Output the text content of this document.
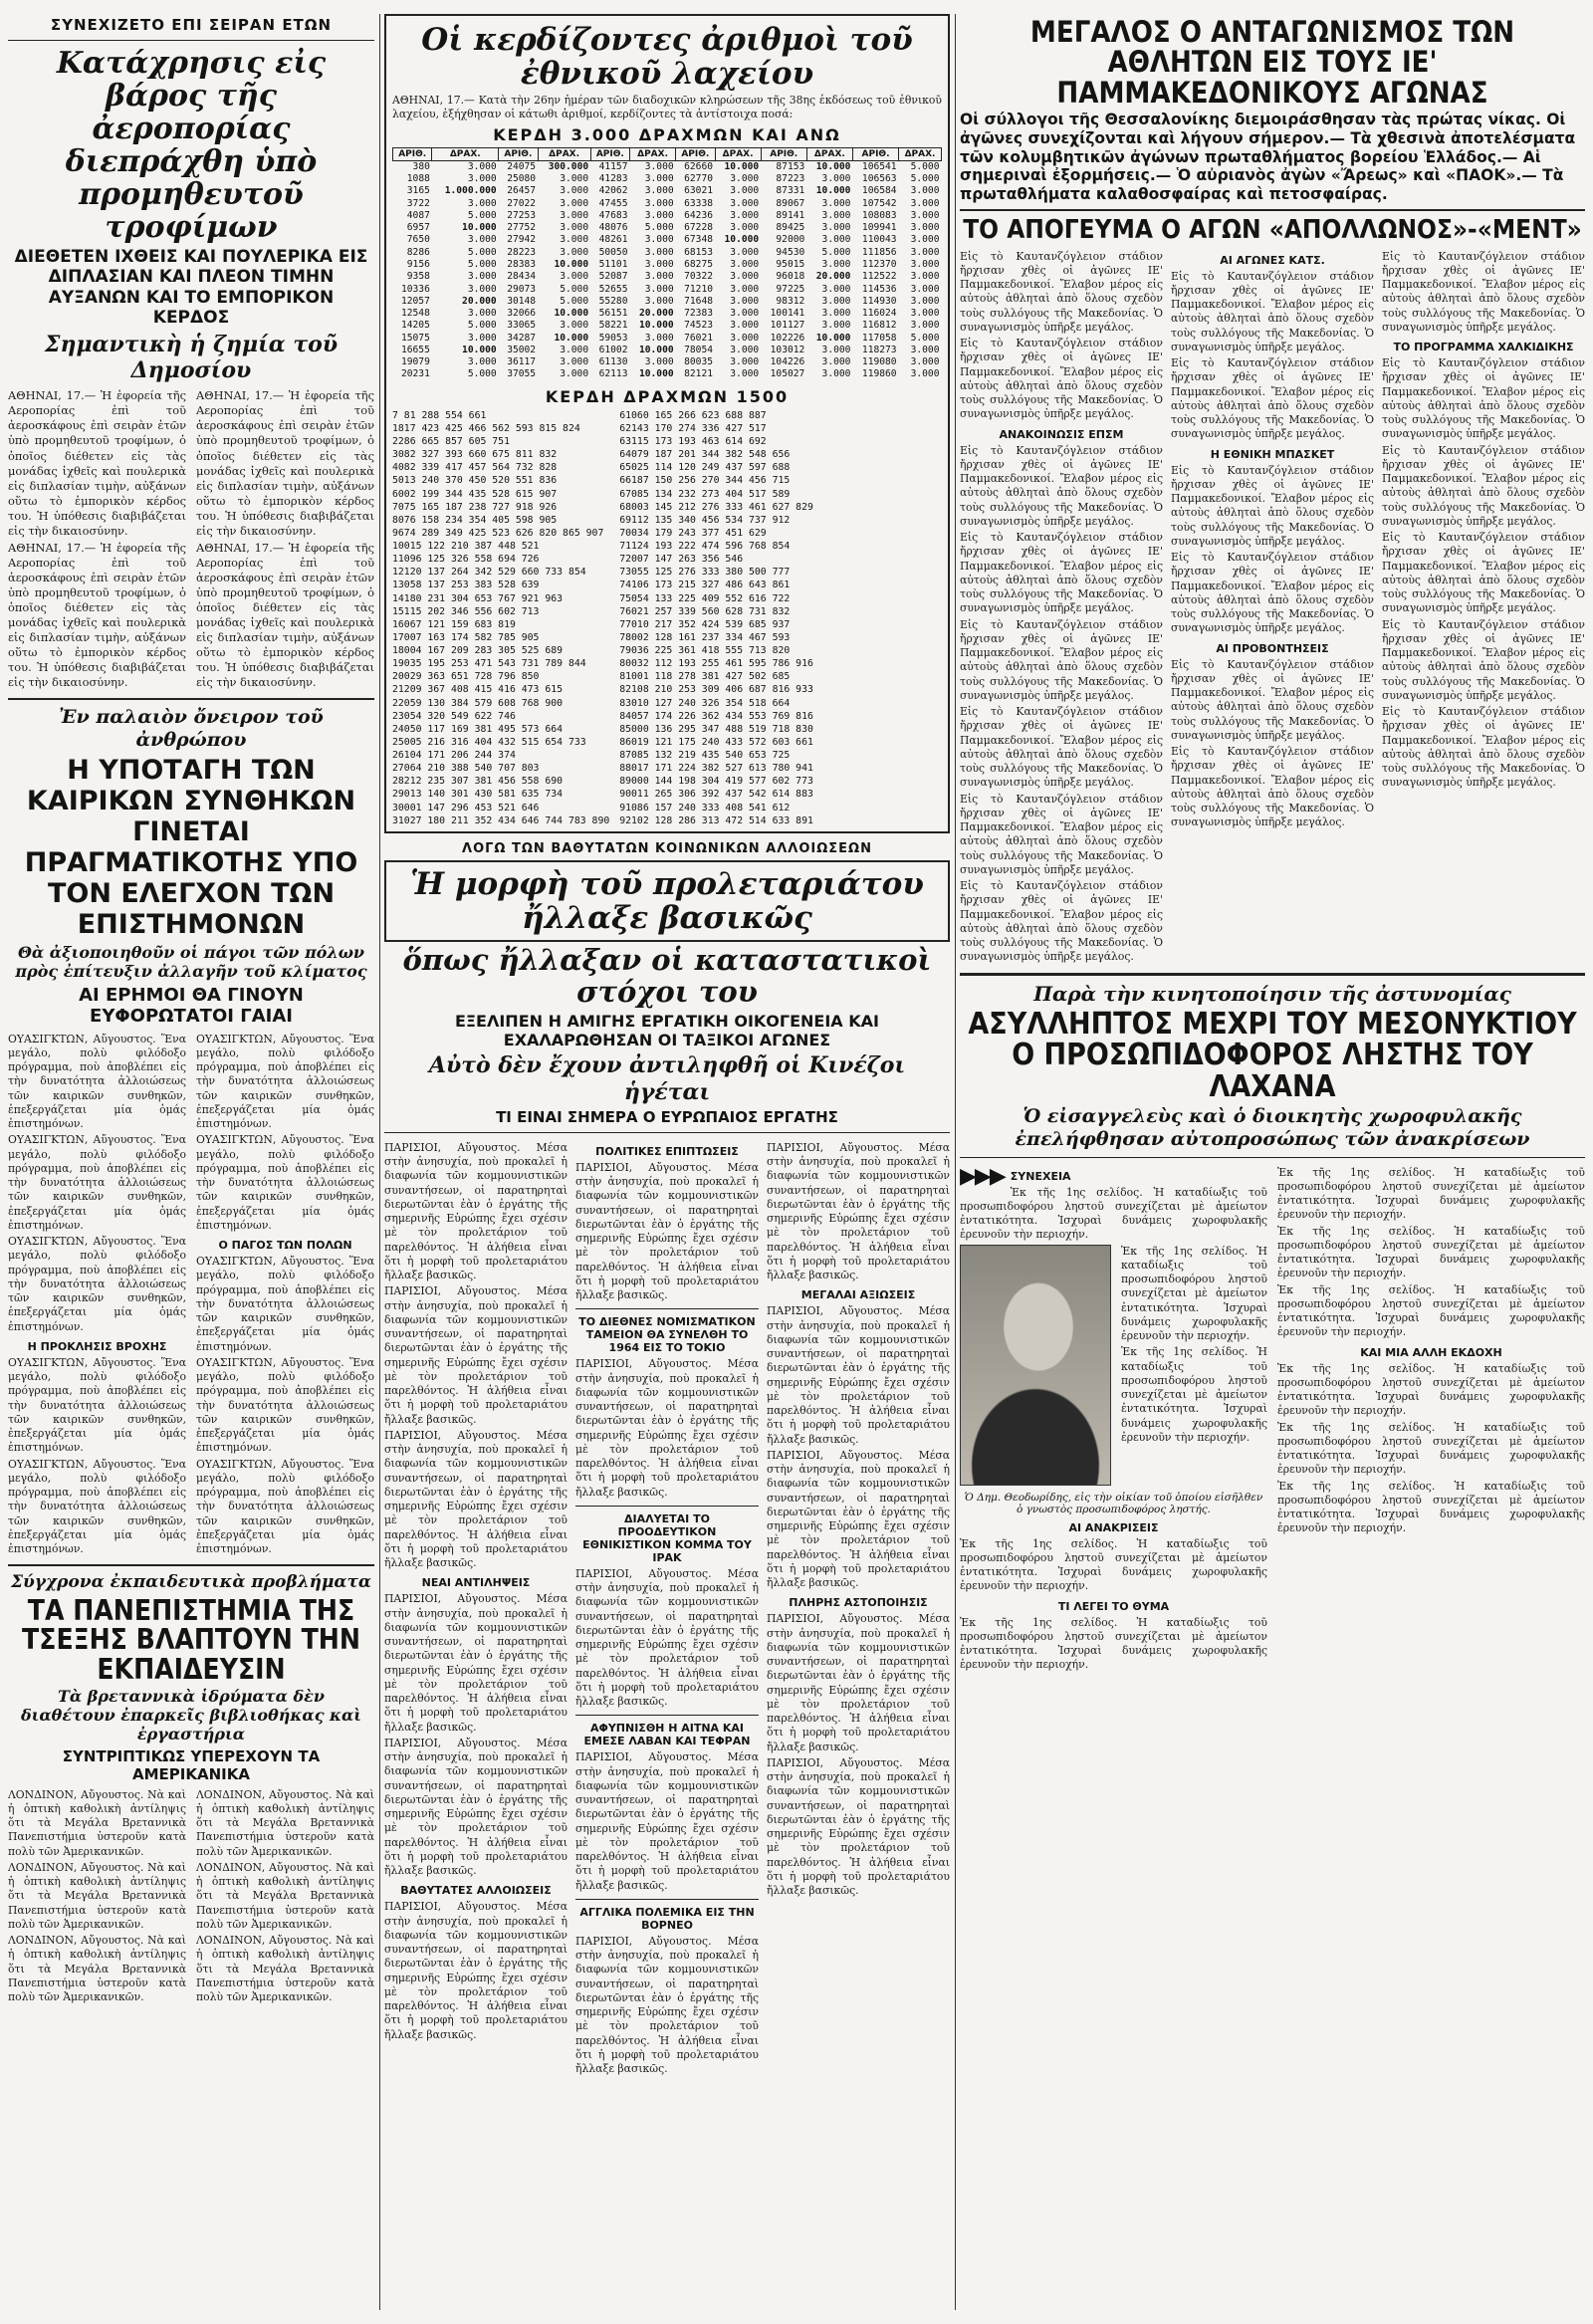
ΣΥΝΕΧΙΖΕΤΟ ΕΠΙ ΣΕΙΡΑΝ ΕΤΩΝ
Κατάχρησις εἰς βάρος τῆς ἀεροπορίας διεπράχθη ὑπὸ προμηθευτοῦ τροφίμων
ΔΙΕΘΕΤΕΝ ΙΧΘΕΙΣ ΚΑΙ ΠΟΥΛΕΡΙΚΑ ΕΙΣ ΔΙΠΛΑΣΙΑΝ ΚΑΙ ΠΛΕΟΝ ΤΙΜΗΝ ΑΥΞΑΝΩΝ ΚΑΙ ΤΟ ΕΜΠΟΡΙΚΟΝ ΚΕΡΔΟΣ
Σημαντικὴ ἡ ζημία τοῦ Δημοσίου

ΑΘΗΝΑΙ, 17.— Ἡ ἐφορεία τῆς Αεροπορίας ἐπὶ τοῦ ἀεροσκάφους ἐπὶ σειρὰν ἐτῶν ὑπὸ προμηθευτοῦ τροφίμων, ὁ ὁποῖος διέθετεν εἰς τὰς μονάδας ἰχθεῖς καὶ πουλερικὰ εἰς διπλασίαν τιμὴν, αὐξάνων οὕτω τὸ ἐμπορικὸν κέρδος του. Ἡ ὑπόθεσις διαβιβάζεται εἰς τὴν δικαιοσύνην.

ΑΘΗΝΑΙ, 17.— Ἡ ἐφορεία τῆς Αεροπορίας ἐπὶ τοῦ ἀεροσκάφους ἐπὶ σειρὰν ἐτῶν ὑπὸ προμηθευτοῦ τροφίμων, ὁ ὁποῖος διέθετεν εἰς τὰς μονάδας ἰχθεῖς καὶ πουλερικὰ εἰς διπλασίαν τιμὴν, αὐξάνων οὕτω τὸ ἐμπορικὸν κέρδος του. Ἡ ὑπόθεσις διαβιβάζεται εἰς τὴν δικαιοσύνην.

ΑΘΗΝΑΙ, 17.— Ἡ ἐφορεία τῆς Αεροπορίας ἐπὶ τοῦ ἀεροσκάφους ἐπὶ σειρὰν ἐτῶν ὑπὸ προμηθευτοῦ τροφίμων, ὁ ὁποῖος διέθετεν εἰς τὰς μονάδας ἰχθεῖς καὶ πουλερικὰ εἰς διπλασίαν τιμὴν, αὐξάνων οὕτω τὸ ἐμπορικὸν κέρδος του. Ἡ ὑπόθεσις διαβιβάζεται εἰς τὴν δικαιοσύνην.

ΑΘΗΝΑΙ, 17.— Ἡ ἐφορεία τῆς Αεροπορίας ἐπὶ τοῦ ἀεροσκάφους ἐπὶ σειρὰν ἐτῶν ὑπὸ προμηθευτοῦ τροφίμων, ὁ ὁποῖος διέθετεν εἰς τὰς μονάδας ἰχθεῖς καὶ πουλερικὰ εἰς διπλασίαν τιμὴν, αὐξάνων οὕτω τὸ ἐμπορικὸν κέρδος του. Ἡ ὑπόθεσις διαβιβάζεται εἰς τὴν δικαιοσύνην.

Ἐν παλαιὸν ὄνειρον τοῦ ἀνθρώπου
Η ΥΠΟΤΑΓΗ ΤΩΝ ΚΑΙΡΙΚΩΝ ΣΥΝΘΗΚΩΝ ΓΙΝΕΤΑΙ ΠΡΑΓΜΑΤΙΚΟΤΗΣ ΥΠΟ ΤΟΝ ΕΛΕΓΧΟΝ ΤΩΝ ΕΠΙΣΤΗΜΟΝΩΝ
Θὰ ἀξιοποιηθοῦν οἱ πάγοι τῶν πόλων πρὸς ἐπίτευξιν ἀλλαγῆν τοῦ κλίματος
ΑΙ ΕΡΗΜΟΙ ΘΑ ΓΙΝΟΥΝ ΕΥΦΟΡΩΤΑΤΟΙ ΓΑΙΑΙ

ΟΥΑΣΙΓΚΤΩΝ, Αὔγουστος. Ἕνα μεγάλο, πολὺ φιλόδοξο πρόγραμμα, ποὺ ἀποβλέπει εἰς τὴν δυνατότητα ἀλλοιώσεως τῶν καιρικῶν συνθηκῶν, ἐπεξεργάζεται μία ὁμάς ἐπιστημόνων.

ΟΥΑΣΙΓΚΤΩΝ, Αὔγουστος. Ἕνα μεγάλο, πολὺ φιλόδοξο πρόγραμμα, ποὺ ἀποβλέπει εἰς τὴν δυνατότητα ἀλλοιώσεως τῶν καιρικῶν συνθηκῶν, ἐπεξεργάζεται μία ὁμάς ἐπιστημόνων.

ΟΥΑΣΙΓΚΤΩΝ, Αὔγουστος. Ἕνα μεγάλο, πολὺ φιλόδοξο πρόγραμμα, ποὺ ἀποβλέπει εἰς τὴν δυνατότητα ἀλλοιώσεως τῶν καιρικῶν συνθηκῶν, ἐπεξεργάζεται μία ὁμάς ἐπιστημόνων.

Η ΠΡΟΚΛΗΣΙΣ ΒΡΟΧΗΣ

ΟΥΑΣΙΓΚΤΩΝ, Αὔγουστος. Ἕνα μεγάλο, πολὺ φιλόδοξο πρόγραμμα, ποὺ ἀποβλέπει εἰς τὴν δυνατότητα ἀλλοιώσεως τῶν καιρικῶν συνθηκῶν, ἐπεξεργάζεται μία ὁμάς ἐπιστημόνων.

ΟΥΑΣΙΓΚΤΩΝ, Αὔγουστος. Ἕνα μεγάλο, πολὺ φιλόδοξο πρόγραμμα, ποὺ ἀποβλέπει εἰς τὴν δυνατότητα ἀλλοιώσεως τῶν καιρικῶν συνθηκῶν, ἐπεξεργάζεται μία ὁμάς ἐπιστημόνων.

ΟΥΑΣΙΓΚΤΩΝ, Αὔγουστος. Ἕνα μεγάλο, πολὺ φιλόδοξο πρόγραμμα, ποὺ ἀποβλέπει εἰς τὴν δυνατότητα ἀλλοιώσεως τῶν καιρικῶν συνθηκῶν, ἐπεξεργάζεται μία ὁμάς ἐπιστημόνων.

ΟΥΑΣΙΓΚΤΩΝ, Αὔγουστος. Ἕνα μεγάλο, πολὺ φιλόδοξο πρόγραμμα, ποὺ ἀποβλέπει εἰς τὴν δυνατότητα ἀλλοιώσεως τῶν καιρικῶν συνθηκῶν, ἐπεξεργάζεται μία ὁμάς ἐπιστημόνων.

Ο ΠΑΓΟΣ ΤΩΝ ΠΟΛΩΝ

ΟΥΑΣΙΓΚΤΩΝ, Αὔγουστος. Ἕνα μεγάλο, πολὺ φιλόδοξο πρόγραμμα, ποὺ ἀποβλέπει εἰς τὴν δυνατότητα ἀλλοιώσεως τῶν καιρικῶν συνθηκῶν, ἐπεξεργάζεται μία ὁμάς ἐπιστημόνων.

ΟΥΑΣΙΓΚΤΩΝ, Αὔγουστος. Ἕνα μεγάλο, πολὺ φιλόδοξο πρόγραμμα, ποὺ ἀποβλέπει εἰς τὴν δυνατότητα ἀλλοιώσεως τῶν καιρικῶν συνθηκῶν, ἐπεξεργάζεται μία ὁμάς ἐπιστημόνων.

ΟΥΑΣΙΓΚΤΩΝ, Αὔγουστος. Ἕνα μεγάλο, πολὺ φιλόδοξο πρόγραμμα, ποὺ ἀποβλέπει εἰς τὴν δυνατότητα ἀλλοιώσεως τῶν καιρικῶν συνθηκῶν, ἐπεξεργάζεται μία ὁμάς ἐπιστημόνων.

Σύγχρονα ἐκπαιδευτικὰ προβλήματα
ΤΑ ΠΑΝΕΠΙΣΤΗΜΙΑ ΤΗΣ ΤΣΕΞΗΣ ΒΛΑΠΤΟΥΝ ΤΗΝ ΕΚΠΑΙΔΕΥΣΙΝ
Τὰ βρεταννικὰ ἱδρύματα δὲν διαθέτουν ἐπαρκεῖς βιβλιοθήκας καὶ ἐργαστήρια
ΣΥΝΤΡΙΠΤΙΚΩΣ ΥΠΕΡΕΧΟΥΝ ΤΑ ΑΜΕΡΙΚΑΝΙΚΑ

ΛΟΝΔΙΝΟΝ, Αὔγουστος. Νὰ καὶ ἡ ὁπτικὴ καθολικὴ ἀντίληψις ὅτι τὰ Μεγάλα Βρεταννικὰ Πανεπιστήμια ὑστεροῦν κατὰ πολὺ τῶν Ἀμερικανικῶν.

ΛΟΝΔΙΝΟΝ, Αὔγουστος. Νὰ καὶ ἡ ὁπτικὴ καθολικὴ ἀντίληψις ὅτι τὰ Μεγάλα Βρεταννικὰ Πανεπιστήμια ὑστεροῦν κατὰ πολὺ τῶν Ἀμερικανικῶν.

ΛΟΝΔΙΝΟΝ, Αὔγουστος. Νὰ καὶ ἡ ὁπτικὴ καθολικὴ ἀντίληψις ὅτι τὰ Μεγάλα Βρεταννικὰ Πανεπιστήμια ὑστεροῦν κατὰ πολὺ τῶν Ἀμερικανικῶν.

ΛΟΝΔΙΝΟΝ, Αὔγουστος. Νὰ καὶ ἡ ὁπτικὴ καθολικὴ ἀντίληψις ὅτι τὰ Μεγάλα Βρεταννικὰ Πανεπιστήμια ὑστεροῦν κατὰ πολὺ τῶν Ἀμερικανικῶν.

ΛΟΝΔΙΝΟΝ, Αὔγουστος. Νὰ καὶ ἡ ὁπτικὴ καθολικὴ ἀντίληψις ὅτι τὰ Μεγάλα Βρεταννικὰ Πανεπιστήμια ὑστεροῦν κατὰ πολὺ τῶν Ἀμερικανικῶν.

ΛΟΝΔΙΝΟΝ, Αὔγουστος. Νὰ καὶ ἡ ὁπτικὴ καθολικὴ ἀντίληψις ὅτι τὰ Μεγάλα Βρεταννικὰ Πανεπιστήμια ὑστεροῦν κατὰ πολὺ τῶν Ἀμερικανικῶν.

Οἱ κερδίζοντες ἀριθμοὶ τοῦ ἐθνικοῦ λαχείου

ΑΘΗΝΑΙ, 17.— Κατὰ τὴν 26ην ἡμέραν τῶν διαδοχικῶν κληρώσεων τῆς 38ης ἐκδόσεως τοῦ ἐθνικοῦ λαχείου, ἐξήχθησαν οἱ κάτωθι ἀριθμοί, κερδίζοντες τὰ ἀντίστοιχα ποσά:

ΚΕΡΔΗ 3.000 ΔΡΑΧΜΩΝ ΚΑΙ ΑΝΩ
ΑΡΙΘ.	ΔΡΑΧ.	ΑΡΙΘ.	ΔΡΑΧ.	ΑΡΙΘ.	ΔΡΑΧ.	ΑΡΙΘ.	ΔΡΑΧ.	ΑΡΙΘ.	ΔΡΑΧ.	ΑΡΙΘ.	ΔΡΑΧ.
380	3.000	24075	300.000	41157	3.000	62660	10.000	87153	10.000	106541	5.000
1088	3.000	25080	3.000	41283	3.000	62770	3.000	87223	3.000	106563	5.000
3165	1.000.000	26457	3.000	42062	3.000	63021	3.000	87331	10.000	106584	3.000
3722	3.000	27022	3.000	47455	3.000	63338	3.000	89067	3.000	107542	3.000
4087	5.000	27253	3.000	47683	3.000	64236	3.000	89141	3.000	108083	3.000
6957	10.000	27752	3.000	48076	5.000	67228	3.000	89425	3.000	109941	3.000
7650	3.000	27942	3.000	48261	3.000	67348	10.000	92000	3.000	110043	3.000
8286	5.000	28223	3.000	50050	3.000	68153	3.000	94530	5.000	111856	3.000
9156	5.000	28383	10.000	51101	3.000	68275	3.000	95015	3.000	112370	3.000
9358	3.000	28434	3.000	52087	3.000	70322	3.000	96018	20.000	112522	3.000
10336	3.000	29073	5.000	52655	3.000	71210	3.000	97225	3.000	114536	3.000
12057	20.000	30148	5.000	55280	3.000	71648	3.000	98312	3.000	114930	3.000
12548	3.000	32066	10.000	56151	20.000	72383	3.000	100141	3.000	116024	3.000
14205	5.000	33065	3.000	58221	10.000	74523	3.000	101127	3.000	116812	3.000
15075	3.000	34287	10.000	59053	3.000	76021	3.000	102226	10.000	117058	5.000
16655	10.000	35002	3.000	61002	10.000	78054	3.000	103012	3.000	118273	3.000
19079	3.000	36117	3.000	61130	3.000	80035	3.000	104226	3.000	119080	3.000
20231	5.000	37055	3.000	62113	10.000	82121	3.000	105027	3.000	119860	3.000
ΚΕΡΔΗ ΔΡΑΧΜΩΝ 1500
7 81 288 554 661
1817 423 425 466 562 593 815 824
2286 665 857 605 751
3082 327 393 660 675 811 832
4082 339 417 457 564 732 828
5013 240 370 450 520 551 836
6002 199 344 435 528 615 907
7075 165 187 238 727 918 926
8076 158 234 354 405 598 905
9674 289 349 425 523 626 820 865 907
10015 122 210 387 448 521
11096 125 326 558 694 726
12120 137 264 342 529 660 733 854
13058 137 253 383 528 639
14180 231 304 653 767 921 963
15115 202 346 556 602 713
16067 121 159 683 819
17007 163 174 582 785 905
18004 167 209 283 305 525 689
19035 195 253 471 543 731 789 844
20029 363 651 728 796 850
21209 367 408 415 416 473 615
22059 130 384 579 608 768 900
23054 320 549 622 746
24050 117 169 381 495 573 664
25005 216 316 404 432 515 654 733
26104 171 206 244 374
27064 210 388 540 707 803
28212 235 307 381 456 558 690
29013 140 301 430 581 635 734
30001 147 296 453 521 646
31027 180 211 352 434 646 744 783 890
61060 165 266 623 688 887
62143 170 274 336 427 517
63115 173 193 463 614 692
64079 187 201 344 382 548 656
65025 114 120 249 437 597 688
66187 150 256 270 344 456 715
67085 134 232 273 404 517 589
68003 145 212 276 333 461 627 829
69112 135 340 456 534 737 912
70034 179 243 377 451 629
71124 193 222 474 596 768 854
72007 147 263 356 546
73055 125 276 333 380 500 777
74106 173 215 327 486 643 861
75054 133 225 409 552 616 722
76021 257 339 560 628 731 832
77010 217 352 424 539 685 937
78002 128 161 237 334 467 593
79036 225 361 418 555 713 820
80032 112 193 255 461 595 786 916
81001 118 278 381 427 502 685
82108 210 253 309 406 687 816 933
83010 127 240 326 354 518 664
84057 174 226 362 434 553 769 816
85000 136 295 347 488 519 718 830
86019 121 175 240 433 572 603 661
87085 132 219 435 540 653 725
88017 171 224 382 527 613 780 941
89000 144 198 304 419 577 602 773
90011 265 306 392 437 542 614 883
91086 157 240 333 408 541 612
92102 128 286 313 472 514 633 891
ΛΟΓΩ ΤΩΝ ΒΑΘΥΤΑΤΩΝ ΚΟΙΝΩΝΙΚΩΝ ΑΛΛΟΙΩΣΕΩΝ
Ἡ μορφὴ τοῦ προλεταριάτου ἤλλαξε βασικῶς
ὅπως ἤλλαξαν οἱ καταστατικοὶ στόχοι του
ΕΞΕΛΙΠΕΝ Η ΑΜΙΓΗΣ ΕΡΓΑΤΙΚΗ ΟΙΚΟΓΕΝΕΙΑ ΚΑΙ ΕΧΑΛΑΡΩΘΗΣΑΝ ΟΙ ΤΑΞΙΚΟΙ ΑΓΩΝΕΣ
Αὐτὸ δὲν ἔχουν ἀντιληφθῆ οἱ Κινέζοι ἡγέται
ΤΙ ΕΙΝΑΙ ΣΗΜΕΡΑ Ο ΕΥΡΩΠΑΙΟΣ ΕΡΓΑΤΗΣ

ΠΑΡΙΣΙΟΙ, Αὔγουστος. Μέσα στὴν ἀνησυχία, ποὺ προκαλεῖ ἡ διαφωνία τῶν κομμουνιστικῶν συναντήσεων, οἱ παρατηρηταὶ διερωτῶνται ἐὰν ὁ ἐργάτης τῆς σημερινῆς Εὐρώπης ἔχει σχέσιν μὲ τὸν προλετάριον τοῦ παρελθόντος. Ἡ ἀλήθεια εἶναι ὅτι ἡ μορφὴ τοῦ προλεταριάτου ἤλλαξε βασικῶς.

ΠΑΡΙΣΙΟΙ, Αὔγουστος. Μέσα στὴν ἀνησυχία, ποὺ προκαλεῖ ἡ διαφωνία τῶν κομμουνιστικῶν συναντήσεων, οἱ παρατηρηταὶ διερωτῶνται ἐὰν ὁ ἐργάτης τῆς σημερινῆς Εὐρώπης ἔχει σχέσιν μὲ τὸν προλετάριον τοῦ παρελθόντος. Ἡ ἀλήθεια εἶναι ὅτι ἡ μορφὴ τοῦ προλεταριάτου ἤλλαξε βασικῶς.

ΠΑΡΙΣΙΟΙ, Αὔγουστος. Μέσα στὴν ἀνησυχία, ποὺ προκαλεῖ ἡ διαφωνία τῶν κομμουνιστικῶν συναντήσεων, οἱ παρατηρηταὶ διερωτῶνται ἐὰν ὁ ἐργάτης τῆς σημερινῆς Εὐρώπης ἔχει σχέσιν μὲ τὸν προλετάριον τοῦ παρελθόντος. Ἡ ἀλήθεια εἶναι ὅτι ἡ μορφὴ τοῦ προλεταριάτου ἤλλαξε βασικῶς.

ΝΕΑΙ ΑΝΤΙΛΗΨΕΙΣ

ΠΑΡΙΣΙΟΙ, Αὔγουστος. Μέσα στὴν ἀνησυχία, ποὺ προκαλεῖ ἡ διαφωνία τῶν κομμουνιστικῶν συναντήσεων, οἱ παρατηρηταὶ διερωτῶνται ἐὰν ὁ ἐργάτης τῆς σημερινῆς Εὐρώπης ἔχει σχέσιν μὲ τὸν προλετάριον τοῦ παρελθόντος. Ἡ ἀλήθεια εἶναι ὅτι ἡ μορφὴ τοῦ προλεταριάτου ἤλλαξε βασικῶς.

ΠΑΡΙΣΙΟΙ, Αὔγουστος. Μέσα στὴν ἀνησυχία, ποὺ προκαλεῖ ἡ διαφωνία τῶν κομμουνιστικῶν συναντήσεων, οἱ παρατηρηταὶ διερωτῶνται ἐὰν ὁ ἐργάτης τῆς σημερινῆς Εὐρώπης ἔχει σχέσιν μὲ τὸν προλετάριον τοῦ παρελθόντος. Ἡ ἀλήθεια εἶναι ὅτι ἡ μορφὴ τοῦ προλεταριάτου ἤλλαξε βασικῶς.

ΒΑΘΥΤΑΤΕΣ ΑΛΛΟΙΩΣΕΙΣ

ΠΑΡΙΣΙΟΙ, Αὔγουστος. Μέσα στὴν ἀνησυχία, ποὺ προκαλεῖ ἡ διαφωνία τῶν κομμουνιστικῶν συναντήσεων, οἱ παρατηρηταὶ διερωτῶνται ἐὰν ὁ ἐργάτης τῆς σημερινῆς Εὐρώπης ἔχει σχέσιν μὲ τὸν προλετάριον τοῦ παρελθόντος. Ἡ ἀλήθεια εἶναι ὅτι ἡ μορφὴ τοῦ προλεταριάτου ἤλλαξε βασικῶς.

ΠΟΛΙΤΙΚΕΣ ΕΠΙΠΤΩΣΕΙΣ

ΠΑΡΙΣΙΟΙ, Αὔγουστος. Μέσα στὴν ἀνησυχία, ποὺ προκαλεῖ ἡ διαφωνία τῶν κομμουνιστικῶν συναντήσεων, οἱ παρατηρηταὶ διερωτῶνται ἐὰν ὁ ἐργάτης τῆς σημερινῆς Εὐρώπης ἔχει σχέσιν μὲ τὸν προλετάριον τοῦ παρελθόντος. Ἡ ἀλήθεια εἶναι ὅτι ἡ μορφὴ τοῦ προλεταριάτου ἤλλαξε βασικῶς.

ΤΟ ΔΙΕΘΝΕΣ ΝΟΜΙΣΜΑΤΙΚΟΝ ΤΑΜΕΙΟΝ ΘΑ ΣΥΝΕΛΘΗ ΤΟ 1964 ΕΙΣ ΤΟ ΤΟΚΙΟ

ΠΑΡΙΣΙΟΙ, Αὔγουστος. Μέσα στὴν ἀνησυχία, ποὺ προκαλεῖ ἡ διαφωνία τῶν κομμουνιστικῶν συναντήσεων, οἱ παρατηρηταὶ διερωτῶνται ἐὰν ὁ ἐργάτης τῆς σημερινῆς Εὐρώπης ἔχει σχέσιν μὲ τὸν προλετάριον τοῦ παρελθόντος. Ἡ ἀλήθεια εἶναι ὅτι ἡ μορφὴ τοῦ προλεταριάτου ἤλλαξε βασικῶς.

ΔΙΑΛΥΕΤΑΙ ΤΟ ΠΡΟΟΔΕΥΤΙΚΟΝ ΕΘΝΙΚΙΣΤΙΚΟΝ ΚΟΜΜΑ ΤΟΥ ΙΡΑΚ

ΠΑΡΙΣΙΟΙ, Αὔγουστος. Μέσα στὴν ἀνησυχία, ποὺ προκαλεῖ ἡ διαφωνία τῶν κομμουνιστικῶν συναντήσεων, οἱ παρατηρηταὶ διερωτῶνται ἐὰν ὁ ἐργάτης τῆς σημερινῆς Εὐρώπης ἔχει σχέσιν μὲ τὸν προλετάριον τοῦ παρελθόντος. Ἡ ἀλήθεια εἶναι ὅτι ἡ μορφὴ τοῦ προλεταριάτου ἤλλαξε βασικῶς.

ΑΦΥΠΝΙΣΘΗ Η ΑΙΤΝΑ ΚΑΙ ΕΜΕΣΕ ΛΑΒΑΝ ΚΑΙ ΤΕΦΡΑΝ

ΠΑΡΙΣΙΟΙ, Αὔγουστος. Μέσα στὴν ἀνησυχία, ποὺ προκαλεῖ ἡ διαφωνία τῶν κομμουνιστικῶν συναντήσεων, οἱ παρατηρηταὶ διερωτῶνται ἐὰν ὁ ἐργάτης τῆς σημερινῆς Εὐρώπης ἔχει σχέσιν μὲ τὸν προλετάριον τοῦ παρελθόντος. Ἡ ἀλήθεια εἶναι ὅτι ἡ μορφὴ τοῦ προλεταριάτου ἤλλαξε βασικῶς.

ΑΓΓΛΙΚΑ ΠΟΛΕΜΙΚΑ ΕΙΣ ΤΗΝ ΒΟΡΝΕΟ

ΠΑΡΙΣΙΟΙ, Αὔγουστος. Μέσα στὴν ἀνησυχία, ποὺ προκαλεῖ ἡ διαφωνία τῶν κομμουνιστικῶν συναντήσεων, οἱ παρατηρηταὶ διερωτῶνται ἐὰν ὁ ἐργάτης τῆς σημερινῆς Εὐρώπης ἔχει σχέσιν μὲ τὸν προλετάριον τοῦ παρελθόντος. Ἡ ἀλήθεια εἶναι ὅτι ἡ μορφὴ τοῦ προλεταριάτου ἤλλαξε βασικῶς.

ΠΑΡΙΣΙΟΙ, Αὔγουστος. Μέσα στὴν ἀνησυχία, ποὺ προκαλεῖ ἡ διαφωνία τῶν κομμουνιστικῶν συναντήσεων, οἱ παρατηρηταὶ διερωτῶνται ἐὰν ὁ ἐργάτης τῆς σημερινῆς Εὐρώπης ἔχει σχέσιν μὲ τὸν προλετάριον τοῦ παρελθόντος. Ἡ ἀλήθεια εἶναι ὅτι ἡ μορφὴ τοῦ προλεταριάτου ἤλλαξε βασικῶς.

ΜΕΓΑΛΑΙ ΑΞΙΩΣΕΙΣ

ΠΑΡΙΣΙΟΙ, Αὔγουστος. Μέσα στὴν ἀνησυχία, ποὺ προκαλεῖ ἡ διαφωνία τῶν κομμουνιστικῶν συναντήσεων, οἱ παρατηρηταὶ διερωτῶνται ἐὰν ὁ ἐργάτης τῆς σημερινῆς Εὐρώπης ἔχει σχέσιν μὲ τὸν προλετάριον τοῦ παρελθόντος. Ἡ ἀλήθεια εἶναι ὅτι ἡ μορφὴ τοῦ προλεταριάτου ἤλλαξε βασικῶς.

ΠΑΡΙΣΙΟΙ, Αὔγουστος. Μέσα στὴν ἀνησυχία, ποὺ προκαλεῖ ἡ διαφωνία τῶν κομμουνιστικῶν συναντήσεων, οἱ παρατηρηταὶ διερωτῶνται ἐὰν ὁ ἐργάτης τῆς σημερινῆς Εὐρώπης ἔχει σχέσιν μὲ τὸν προλετάριον τοῦ παρελθόντος. Ἡ ἀλήθεια εἶναι ὅτι ἡ μορφὴ τοῦ προλεταριάτου ἤλλαξε βασικῶς.

ΠΛΗΡΗΣ ΑΣΤΟΠΟΙΗΣΙΣ

ΠΑΡΙΣΙΟΙ, Αὔγουστος. Μέσα στὴν ἀνησυχία, ποὺ προκαλεῖ ἡ διαφωνία τῶν κομμουνιστικῶν συναντήσεων, οἱ παρατηρηταὶ διερωτῶνται ἐὰν ὁ ἐργάτης τῆς σημερινῆς Εὐρώπης ἔχει σχέσιν μὲ τὸν προλετάριον τοῦ παρελθόντος. Ἡ ἀλήθεια εἶναι ὅτι ἡ μορφὴ τοῦ προλεταριάτου ἤλλαξε βασικῶς.

ΠΑΡΙΣΙΟΙ, Αὔγουστος. Μέσα στὴν ἀνησυχία, ποὺ προκαλεῖ ἡ διαφωνία τῶν κομμουνιστικῶν συναντήσεων, οἱ παρατηρηταὶ διερωτῶνται ἐὰν ὁ ἐργάτης τῆς σημερινῆς Εὐρώπης ἔχει σχέσιν μὲ τὸν προλετάριον τοῦ παρελθόντος. Ἡ ἀλήθεια εἶναι ὅτι ἡ μορφὴ τοῦ προλεταριάτου ἤλλαξε βασικῶς.

ΜΕΓΑΛΟΣ Ο ΑΝΤΑΓΩΝΙΣΜΟΣ ΤΩΝ ΑΘΛΗΤΩΝ ΕΙΣ ΤΟΥΣ ΙΕ' ΠΑΜΜΑΚΕΔΟΝΙΚΟΥΣ ΑΓΩΝΑΣ
Οἱ σύλλογοι τῆς Θεσσαλονίκης διεμοιράσθησαν τὰς πρώτας νίκας. Οἱ ἀγῶνες συνεχίζονται καὶ λήγουν σήμερον.— Τὰ χθεσινὰ ἀποτελέσματα τῶν κολυμβητικῶν ἀγώνων πρωταθλήματος βορείου Ἑλλάδος.— Αἱ σημεριναὶ ἐξορμήσεις.— Ὁ αὐριανὸς ἀγὼν «Ἄρεως» καὶ «ΠΑΟΚ».— Τὰ πρωταθλήματα καλαθοσφαίρας καὶ πετοσφαίρας.
ΤΟ ΑΠΟΓΕΥΜΑ Ο ΑΓΩΝ «ΑΠΟΛΛΩΝΟΣ»-«ΜΕΝΤ»

Εἰς τὸ Καυτανζόγλειον στάδιον ἤρχισαν χθὲς οἱ ἀγῶνες ΙΕ' Παμμακεδονικοί. Ἔλαβον μέρος εἰς αὐτοὺς ἀθληταὶ ἀπὸ ὅλους σχεδὸν τοὺς συλλόγους τῆς Μακεδονίας. Ὁ συναγωνισμὸς ὑπῆρξε μεγάλος.

Εἰς τὸ Καυτανζόγλειον στάδιον ἤρχισαν χθὲς οἱ ἀγῶνες ΙΕ' Παμμακεδονικοί. Ἔλαβον μέρος εἰς αὐτοὺς ἀθληταὶ ἀπὸ ὅλους σχεδὸν τοὺς συλλόγους τῆς Μακεδονίας. Ὁ συναγωνισμὸς ὑπῆρξε μεγάλος.

ΑΝΑΚΟΙΝΩΣΙΣ ΕΠΣΜ

Εἰς τὸ Καυτανζόγλειον στάδιον ἤρχισαν χθὲς οἱ ἀγῶνες ΙΕ' Παμμακεδονικοί. Ἔλαβον μέρος εἰς αὐτοὺς ἀθληταὶ ἀπὸ ὅλους σχεδὸν τοὺς συλλόγους τῆς Μακεδονίας. Ὁ συναγωνισμὸς ὑπῆρξε μεγάλος.

Εἰς τὸ Καυτανζόγλειον στάδιον ἤρχισαν χθὲς οἱ ἀγῶνες ΙΕ' Παμμακεδονικοί. Ἔλαβον μέρος εἰς αὐτοὺς ἀθληταὶ ἀπὸ ὅλους σχεδὸν τοὺς συλλόγους τῆς Μακεδονίας. Ὁ συναγωνισμὸς ὑπῆρξε μεγάλος.

Εἰς τὸ Καυτανζόγλειον στάδιον ἤρχισαν χθὲς οἱ ἀγῶνες ΙΕ' Παμμακεδονικοί. Ἔλαβον μέρος εἰς αὐτοὺς ἀθληταὶ ἀπὸ ὅλους σχεδὸν τοὺς συλλόγους τῆς Μακεδονίας. Ὁ συναγωνισμὸς ὑπῆρξε μεγάλος.

Εἰς τὸ Καυτανζόγλειον στάδιον ἤρχισαν χθὲς οἱ ἀγῶνες ΙΕ' Παμμακεδονικοί. Ἔλαβον μέρος εἰς αὐτοὺς ἀθληταὶ ἀπὸ ὅλους σχεδὸν τοὺς συλλόγους τῆς Μακεδονίας. Ὁ συναγωνισμὸς ὑπῆρξε μεγάλος.

Εἰς τὸ Καυτανζόγλειον στάδιον ἤρχισαν χθὲς οἱ ἀγῶνες ΙΕ' Παμμακεδονικοί. Ἔλαβον μέρος εἰς αὐτοὺς ἀθληταὶ ἀπὸ ὅλους σχεδὸν τοὺς συλλόγους τῆς Μακεδονίας. Ὁ συναγωνισμὸς ὑπῆρξε μεγάλος.

Εἰς τὸ Καυτανζόγλειον στάδιον ἤρχισαν χθὲς οἱ ἀγῶνες ΙΕ' Παμμακεδονικοί. Ἔλαβον μέρος εἰς αὐτοὺς ἀθληταὶ ἀπὸ ὅλους σχεδὸν τοὺς συλλόγους τῆς Μακεδονίας. Ὁ συναγωνισμὸς ὑπῆρξε μεγάλος.

ΑΙ ΑΓΩΝΕΣ ΚΑΤΣ.

Εἰς τὸ Καυτανζόγλειον στάδιον ἤρχισαν χθὲς οἱ ἀγῶνες ΙΕ' Παμμακεδονικοί. Ἔλαβον μέρος εἰς αὐτοὺς ἀθληταὶ ἀπὸ ὅλους σχεδὸν τοὺς συλλόγους τῆς Μακεδονίας. Ὁ συναγωνισμὸς ὑπῆρξε μεγάλος.

Εἰς τὸ Καυτανζόγλειον στάδιον ἤρχισαν χθὲς οἱ ἀγῶνες ΙΕ' Παμμακεδονικοί. Ἔλαβον μέρος εἰς αὐτοὺς ἀθληταὶ ἀπὸ ὅλους σχεδὸν τοὺς συλλόγους τῆς Μακεδονίας. Ὁ συναγωνισμὸς ὑπῆρξε μεγάλος.

Η ΕΘΝΙΚΗ ΜΠΑΣΚΕΤ

Εἰς τὸ Καυτανζόγλειον στάδιον ἤρχισαν χθὲς οἱ ἀγῶνες ΙΕ' Παμμακεδονικοί. Ἔλαβον μέρος εἰς αὐτοὺς ἀθληταὶ ἀπὸ ὅλους σχεδὸν τοὺς συλλόγους τῆς Μακεδονίας. Ὁ συναγωνισμὸς ὑπῆρξε μεγάλος.

Εἰς τὸ Καυτανζόγλειον στάδιον ἤρχισαν χθὲς οἱ ἀγῶνες ΙΕ' Παμμακεδονικοί. Ἔλαβον μέρος εἰς αὐτοὺς ἀθληταὶ ἀπὸ ὅλους σχεδὸν τοὺς συλλόγους τῆς Μακεδονίας. Ὁ συναγωνισμὸς ὑπῆρξε μεγάλος.

ΑΙ ΠΡΟΒΟΝΤΗΣΕΙΣ

Εἰς τὸ Καυτανζόγλειον στάδιον ἤρχισαν χθὲς οἱ ἀγῶνες ΙΕ' Παμμακεδονικοί. Ἔλαβον μέρος εἰς αὐτοὺς ἀθληταὶ ἀπὸ ὅλους σχεδὸν τοὺς συλλόγους τῆς Μακεδονίας. Ὁ συναγωνισμὸς ὑπῆρξε μεγάλος.

Εἰς τὸ Καυτανζόγλειον στάδιον ἤρχισαν χθὲς οἱ ἀγῶνες ΙΕ' Παμμακεδονικοί. Ἔλαβον μέρος εἰς αὐτοὺς ἀθληταὶ ἀπὸ ὅλους σχεδὸν τοὺς συλλόγους τῆς Μακεδονίας. Ὁ συναγωνισμὸς ὑπῆρξε μεγάλος.

Εἰς τὸ Καυτανζόγλειον στάδιον ἤρχισαν χθὲς οἱ ἀγῶνες ΙΕ' Παμμακεδονικοί. Ἔλαβον μέρος εἰς αὐτοὺς ἀθληταὶ ἀπὸ ὅλους σχεδὸν τοὺς συλλόγους τῆς Μακεδονίας. Ὁ συναγωνισμὸς ὑπῆρξε μεγάλος.

ΤΟ ΠΡΟΓΡΑΜΜΑ ΧΑΛΚΙΔΙΚΗΣ

Εἰς τὸ Καυτανζόγλειον στάδιον ἤρχισαν χθὲς οἱ ἀγῶνες ΙΕ' Παμμακεδονικοί. Ἔλαβον μέρος εἰς αὐτοὺς ἀθληταὶ ἀπὸ ὅλους σχεδὸν τοὺς συλλόγους τῆς Μακεδονίας. Ὁ συναγωνισμὸς ὑπῆρξε μεγάλος.

Εἰς τὸ Καυτανζόγλειον στάδιον ἤρχισαν χθὲς οἱ ἀγῶνες ΙΕ' Παμμακεδονικοί. Ἔλαβον μέρος εἰς αὐτοὺς ἀθληταὶ ἀπὸ ὅλους σχεδὸν τοὺς συλλόγους τῆς Μακεδονίας. Ὁ συναγωνισμὸς ὑπῆρξε μεγάλος.

Εἰς τὸ Καυτανζόγλειον στάδιον ἤρχισαν χθὲς οἱ ἀγῶνες ΙΕ' Παμμακεδονικοί. Ἔλαβον μέρος εἰς αὐτοὺς ἀθληταὶ ἀπὸ ὅλους σχεδὸν τοὺς συλλόγους τῆς Μακεδονίας. Ὁ συναγωνισμὸς ὑπῆρξε μεγάλος.

Εἰς τὸ Καυτανζόγλειον στάδιον ἤρχισαν χθὲς οἱ ἀγῶνες ΙΕ' Παμμακεδονικοί. Ἔλαβον μέρος εἰς αὐτοὺς ἀθληταὶ ἀπὸ ὅλους σχεδὸν τοὺς συλλόγους τῆς Μακεδονίας. Ὁ συναγωνισμὸς ὑπῆρξε μεγάλος.

Εἰς τὸ Καυτανζόγλειον στάδιον ἤρχισαν χθὲς οἱ ἀγῶνες ΙΕ' Παμμακεδονικοί. Ἔλαβον μέρος εἰς αὐτοὺς ἀθληταὶ ἀπὸ ὅλους σχεδὸν τοὺς συλλόγους τῆς Μακεδονίας. Ὁ συναγωνισμὸς ὑπῆρξε μεγάλος.

Παρὰ τὴν κινητοποίησιν τῆς ἀστυνομίας
ΑΣΥΛΛΗΠΤΟΣ ΜΕΧΡΙ ΤΟΥ ΜΕΣΟΝΥΚΤΙΟΥ Ο ΠΡΟΣΩΠΙΔΟΦΟΡΟΣ ΛΗΣΤΗΣ ΤΟΥ ΛΑΧΑΝΑ
Ὁ εἰσαγγελεὺς καὶ ὁ διοικητὴς χωροφυλακῆς ἐπελήφθησαν αὐτοπροσώπως τῶν ἀνακρίσεων
▶▶▶ ΣΥΝΕΧΕΙΑ

Ἐκ τῆς 1ης σελίδος. Ἡ καταδίωξις τοῦ προσωπιδοφόρου ληστοῦ συνεχίζεται μὲ ἀμείωτον ἐντατικότητα. Ἰσχυραὶ δυνάμεις χωροφυλακῆς ἐρευνοῦν τὴν περιοχήν.

Ἐκ τῆς 1ης σελίδος. Ἡ καταδίωξις τοῦ προσωπιδοφόρου ληστοῦ συνεχίζεται μὲ ἀμείωτον ἐντατικότητα. Ἰσχυραὶ δυνάμεις χωροφυλακῆς ἐρευνοῦν τὴν περιοχήν.

Ἐκ τῆς 1ης σελίδος. Ἡ καταδίωξις τοῦ προσωπιδοφόρου ληστοῦ συνεχίζεται μὲ ἀμείωτον ἐντατικότητα. Ἰσχυραὶ δυνάμεις χωροφυλακῆς ἐρευνοῦν τὴν περιοχήν.

Ὁ Δημ. Θεοδωρίδης, εἰς τὴν οἰκίαν τοῦ ὁποίου εἰσῆλθεν ὁ γνωστὸς προσωπιδοφόρος ληστής.
ΑΙ ΑΝΑΚΡΙΣΕΙΣ

Ἐκ τῆς 1ης σελίδος. Ἡ καταδίωξις τοῦ προσωπιδοφόρου ληστοῦ συνεχίζεται μὲ ἀμείωτον ἐντατικότητα. Ἰσχυραὶ δυνάμεις χωροφυλακῆς ἐρευνοῦν τὴν περιοχήν.

ΤΙ ΛΕΓΕΙ ΤΟ ΘΥΜΑ

Ἐκ τῆς 1ης σελίδος. Ἡ καταδίωξις τοῦ προσωπιδοφόρου ληστοῦ συνεχίζεται μὲ ἀμείωτον ἐντατικότητα. Ἰσχυραὶ δυνάμεις χωροφυλακῆς ἐρευνοῦν τὴν περιοχήν.

Ἐκ τῆς 1ης σελίδος. Ἡ καταδίωξις τοῦ προσωπιδοφόρου ληστοῦ συνεχίζεται μὲ ἀμείωτον ἐντατικότητα. Ἰσχυραὶ δυνάμεις χωροφυλακῆς ἐρευνοῦν τὴν περιοχήν.

Ἐκ τῆς 1ης σελίδος. Ἡ καταδίωξις τοῦ προσωπιδοφόρου ληστοῦ συνεχίζεται μὲ ἀμείωτον ἐντατικότητα. Ἰσχυραὶ δυνάμεις χωροφυλακῆς ἐρευνοῦν τὴν περιοχήν.

Ἐκ τῆς 1ης σελίδος. Ἡ καταδίωξις τοῦ προσωπιδοφόρου ληστοῦ συνεχίζεται μὲ ἀμείωτον ἐντατικότητα. Ἰσχυραὶ δυνάμεις χωροφυλακῆς ἐρευνοῦν τὴν περιοχήν.

ΚΑΙ ΜΙΑ ΑΛΛΗ ΕΚΔΟΧΗ

Ἐκ τῆς 1ης σελίδος. Ἡ καταδίωξις τοῦ προσωπιδοφόρου ληστοῦ συνεχίζεται μὲ ἀμείωτον ἐντατικότητα. Ἰσχυραὶ δυνάμεις χωροφυλακῆς ἐρευνοῦν τὴν περιοχήν.

Ἐκ τῆς 1ης σελίδος. Ἡ καταδίωξις τοῦ προσωπιδοφόρου ληστοῦ συνεχίζεται μὲ ἀμείωτον ἐντατικότητα. Ἰσχυραὶ δυνάμεις χωροφυλακῆς ἐρευνοῦν τὴν περιοχήν.

Ἐκ τῆς 1ης σελίδος. Ἡ καταδίωξις τοῦ προσωπιδοφόρου ληστοῦ συνεχίζεται μὲ ἀμείωτον ἐντατικότητα. Ἰσχυραὶ δυνάμεις χωροφυλακῆς ἐρευνοῦν τὴν περιοχήν.
